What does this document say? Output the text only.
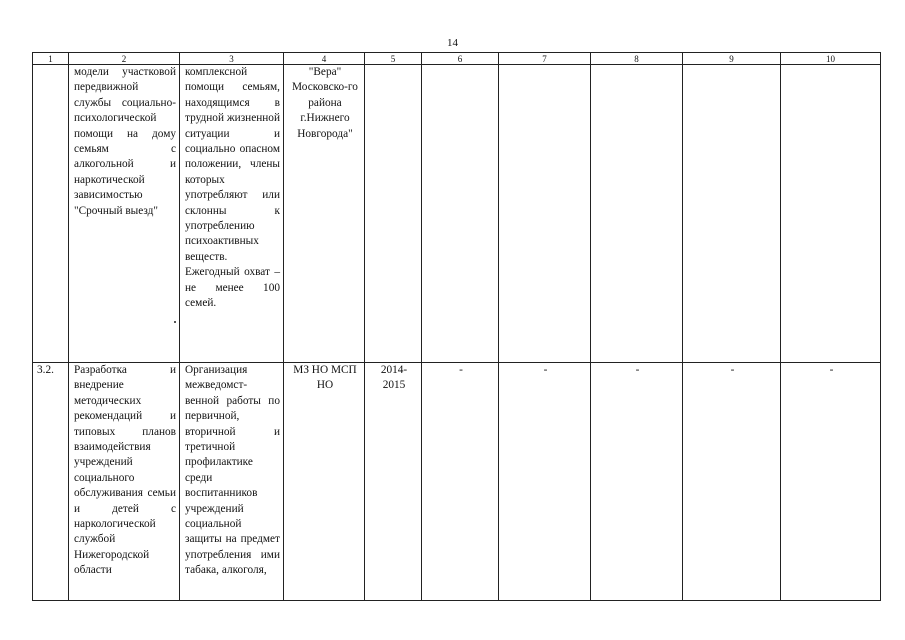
14
1	2	3	4	5	6	7	8	9	10

	модели участковой передвижной службы социально-психологической помощи на дому семьям с алкогольной и наркотической зависимостью "Срочный выезд"	комплексной помощи семьям, находящимся в трудной жизненной ситуации и социально опасном положении, члены которых употребляют или склонны к употреблению психоактивных веществ. Ежегодный охват – не менее 100 семей.	"Вера" Московско-го района г.Нижнего Новгорода"						

3.2.	Разработка и внедрение методических рекомендаций и типовых планов взаимодействия учреждений социального обслуживания семьи и детей с наркологической службой Нижегородской области	Организация межведомст-венной работы по первичной, вторичной и третичной профилактике среди воспитанников учреждений социальной защиты на предмет употребления ими табака, алкоголя,	МЗ НО МСП НО	2014-2015	-	-	-	-	-
